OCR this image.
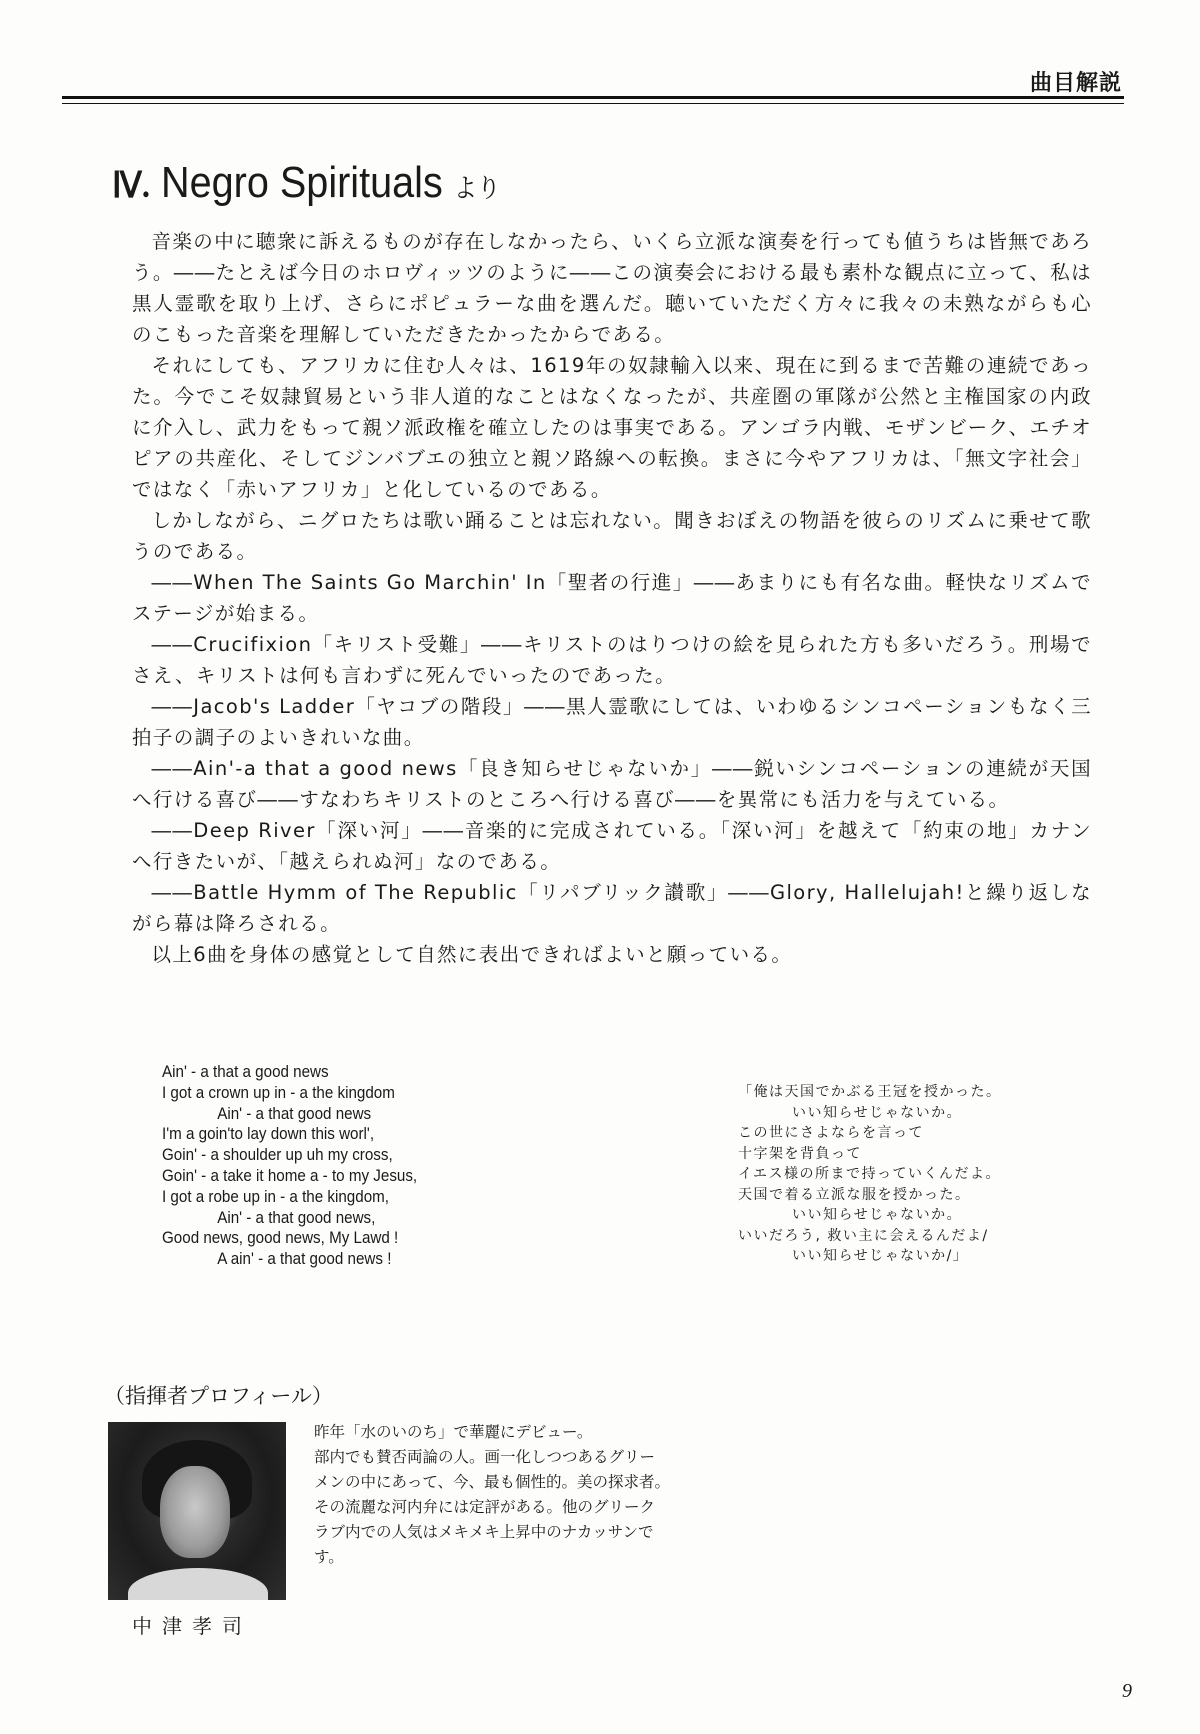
曲目解説
Ⅳ. Negro Spirituals より

音楽の中に聴衆に訴えるものが存在しなかったら、いくら立派な演奏を行っても値うちは皆無であろう。――たとえば今日のホロヴィッツのように――この演奏会における最も素朴な観点に立って、私は黒人霊歌を取り上げ、さらにポピュラーな曲を選んだ。聴いていただく方々に我々の未熟ながらも心のこもった音楽を理解していただきたかったからである。

それにしても、アフリカに住む人々は、1619年の奴隷輸入以来、現在に到るまで苦難の連続であった。今でこそ奴隷貿易という非人道的なことはなくなったが、共産圏の軍隊が公然と主権国家の内政に介入し、武力をもって親ソ派政権を確立したのは事実である。アンゴラ内戦、モザンビーク、エチオピアの共産化、そしてジンバブエの独立と親ソ路線への転換。まさに今やアフリカは、「無文字社会」ではなく「赤いアフリカ」と化しているのである。

しかしながら、ニグロたちは歌い踊ることは忘れない。聞きおぼえの物語を彼らのリズムに乗せて歌うのである。

――When The Saints Go Marchin' In「聖者の行進」――あまりにも有名な曲。軽快なリズムでステージが始まる。

――Crucifixion「キリスト受難」――キリストのはりつけの絵を見られた方も多いだろう。刑場でさえ、キリストは何も言わずに死んでいったのであった。

――Jacob's Ladder「ヤコブの階段」――黒人霊歌にしては、いわゆるシンコペーションもなく三拍子の調子のよいきれいな曲。

――Ain'-a that a good news「良き知らせじゃないか」――鋭いシンコペーションの連続が天国へ行ける喜び――すなわちキリストのところへ行ける喜び――を異常にも活力を与えている。

――Deep River「深い河」――音楽的に完成されている。「深い河」を越えて「約束の地」カナンへ行きたいが、「越えられぬ河」なのである。

――Battle Hymm of The Republic「リパブリック讃歌」――Glory, Hallelujah!と繰り返しながら幕は降ろされる。

以上6曲を身体の感覚として自然に表出できればよいと願っている。

Ain' - a that a good news
I got a crown up in - a the kingdom
Ain' - a that good news
I'm a goin'to lay down this worl',
Goin' - a shoulder up uh my cross,
Goin' - a take it home a - to my Jesus,
I got a robe up in - a the kingdom,
Ain' - a that good news,
Good news, good news, My Lawd !
A ain' - a that good news !
「俺は天国でかぶる王冠を授かった。
いい知らせじゃないか。
この世にさよならを言って
十字架を背負って
イエス様の所まで持っていくんだよ。
天国で着る立派な服を授かった。
いい知らせじゃないか。
いいだろう, 救い主に会えるんだよ/
いい知らせじゃないか/」
（指揮者プロフィール）
中津孝司
昨年「水のいのち」で華麗にデビュー。
部内でも賛否両論の人。画一化しつつあるグリー
メンの中にあって、今、最も個性的。美の探求者。
その流麗な河内弁には定評がある。他のグリーク
ラブ内での人気はメキメキ上昇中のナカッサンで
す。
9
